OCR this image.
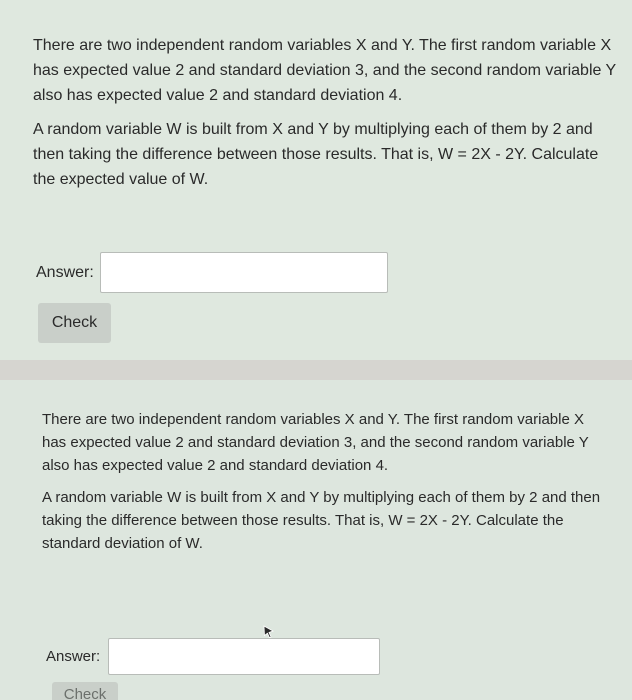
There are two independent random variables X and Y. The first random variable X has expected value 2 and standard deviation 3, and the second random variable Y also has expected value 2 and standard deviation 4.

A random variable W is built from X and Y by multiplying each of them by 2 and then taking the difference between those results. That is, W = 2X - 2Y. Calculate the expected value of W.

Answer:
Check

There are two independent random variables X and Y. The first random variable X has expected value 2 and standard deviation 3, and the second random variable Y also has expected value 2 and standard deviation 4.

A random variable W is built from X and Y by multiplying each of them by 2 and then taking the difference between those results. That is, W = 2X - 2Y. Calculate the standard deviation of W.

Answer:
Check
